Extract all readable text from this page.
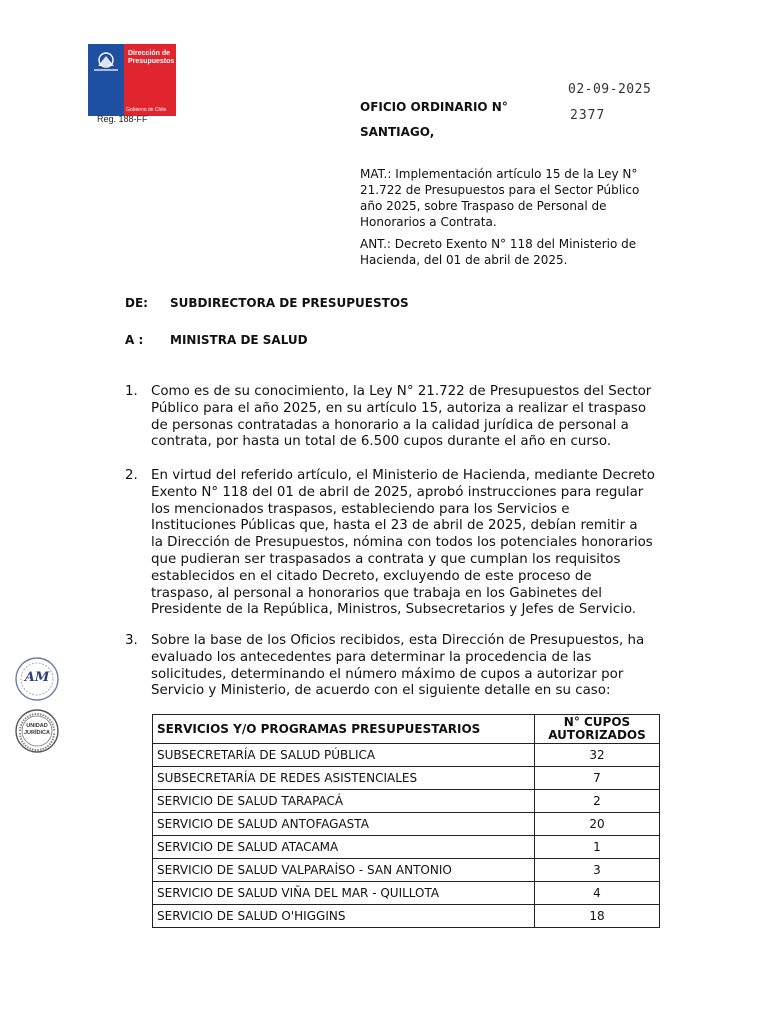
Dirección de
Presupuestos
Gobierno de Chile
Reg. 188-FF
02-09-2025
2377
OFICIO ORDINARIO N°
SANTIAGO,
MAT.: Implementación artículo 15 de la Ley N°
21.722 de Presupuestos para el Sector Público
año 2025, sobre Traspaso de Personal de
Honorarios a Contrata.
ANT.: Decreto Exento N° 118 del Ministerio de
Hacienda, del 01 de abril de 2025.
DE: SUBDIRECTORA DE PRESUPUESTOS
A : MINISTRA DE SALUD
1. Como es de su conocimiento, la Ley N° 21.722 de Presupuestos del Sector
Público para el año 2025, en su artículo 15, autoriza a realizar el traspaso
de personas contratadas a honorario a la calidad jurídica de personal a
contrata, por hasta un total de 6.500 cupos durante el año en curso.
2. En virtud del referido artículo, el Ministerio de Hacienda, mediante Decreto
Exento N° 118 del 01 de abril de 2025, aprobó instrucciones para regular
los mencionados traspasos, estableciendo para los Servicios e
Instituciones Públicas que, hasta el 23 de abril de 2025, debían remitir a
la Dirección de Presupuestos, nómina con todos los potenciales honorarios
que pudieran ser traspasados a contrata y que cumplan los requisitos
establecidos en el citado Decreto, excluyendo de este proceso de
traspaso, al personal a honorarios que trabaja en los Gabinetes del
Presidente de la República, Ministros, Subsecretarios y Jefes de Servicio.
3. Sobre la base de los Oficios recibidos, esta Dirección de Presupuestos, ha
evaluado los antecedentes para determinar la procedencia de las
solicitudes, determinando el número máximo de cupos a autorizar por
Servicio y Ministerio, de acuerdo con el siguiente detalle en su caso:
AM
UNIDAD
JURÍDICA	SERVICIOS Y/O PROGRAMAS PRESUPUESTARIOS	N° CUPOS
AUTORIZADOS

SUBSECRETARÍA DE SALUD PÚBLICA	32
SUBSECRETARÍA DE REDES ASISTENCIALES	7
SERVICIO DE SALUD TARAPACÁ	2
SERVICIO DE SALUD ANTOFAGASTA	20
SERVICIO DE SALUD ATACAMA	1
SERVICIO DE SALUD VALPARAÍSO - SAN ANTONIO	3
SERVICIO DE SALUD VIÑA DEL MAR - QUILLOTA	4
SERVICIO DE SALUD O'HIGGINS	18
